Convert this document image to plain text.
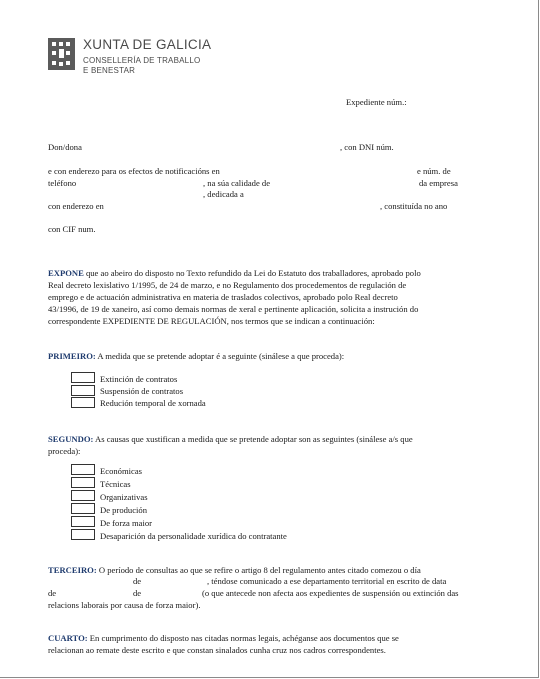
XUNTA DE GALICIA
CONSELLERÍA DE TRABALLO
E BENESTAR
Expediente núm.:
Don/dona	, con DNI núm.
e con enderezo para os efectos de notificacións en	e núm. de
teléfono	, na súa calidade de	da empresa
, dedicada a
con enderezo en	, constituída no ano
con CIF num.
EXPONE que ao abeiro do disposto no Texto refundido da Lei do Estatuto dos traballadores, aprobado polo
Real decreto lexislativo 1/1995, de 24 de marzo, e no Regulamento dos procedementos de regulación de
emprego e de actuación administrativa en materia de traslados colectivos, aprobado polo Real decreto
43/1996, de 19 de xaneiro, así como demais normas de xeral e pertinente aplicación, solicita a instrución do
correspondente EXPEDIENTE DE REGULACIÓN, nos termos que se indican a continuación:
PRIMEIRO: A medida que se pretende adoptar é a seguinte (sinálese a que proceda):
Extinción de contratos
Suspensión de contratos
Redución temporal de xornada
SEGUNDO: As causas que xustifican a medida que se pretende adoptar son as seguintes (sinálese a/s que
proceda):
Económicas
Técnicas
Organizativas
De produción
De forza maior
Desaparición da personalidade xurídica do contratante
TERCEIRO: O período de consultas ao que se refire o artigo 8 del regulamento antes citado comezou o día
de	, téndose comunicado a ese departamento territorial en escrito de data
de	de	(o que antecede non afecta aos expedientes de suspensión ou extinción das
relacions laborais por causa de forza maior).
CUARTO: En cumprimento do disposto nas citadas normas legais, achéganse aos documentos que se
relacionan ao remate deste escrito e que constan sinalados cunha cruz nos cadros correspondentes.
